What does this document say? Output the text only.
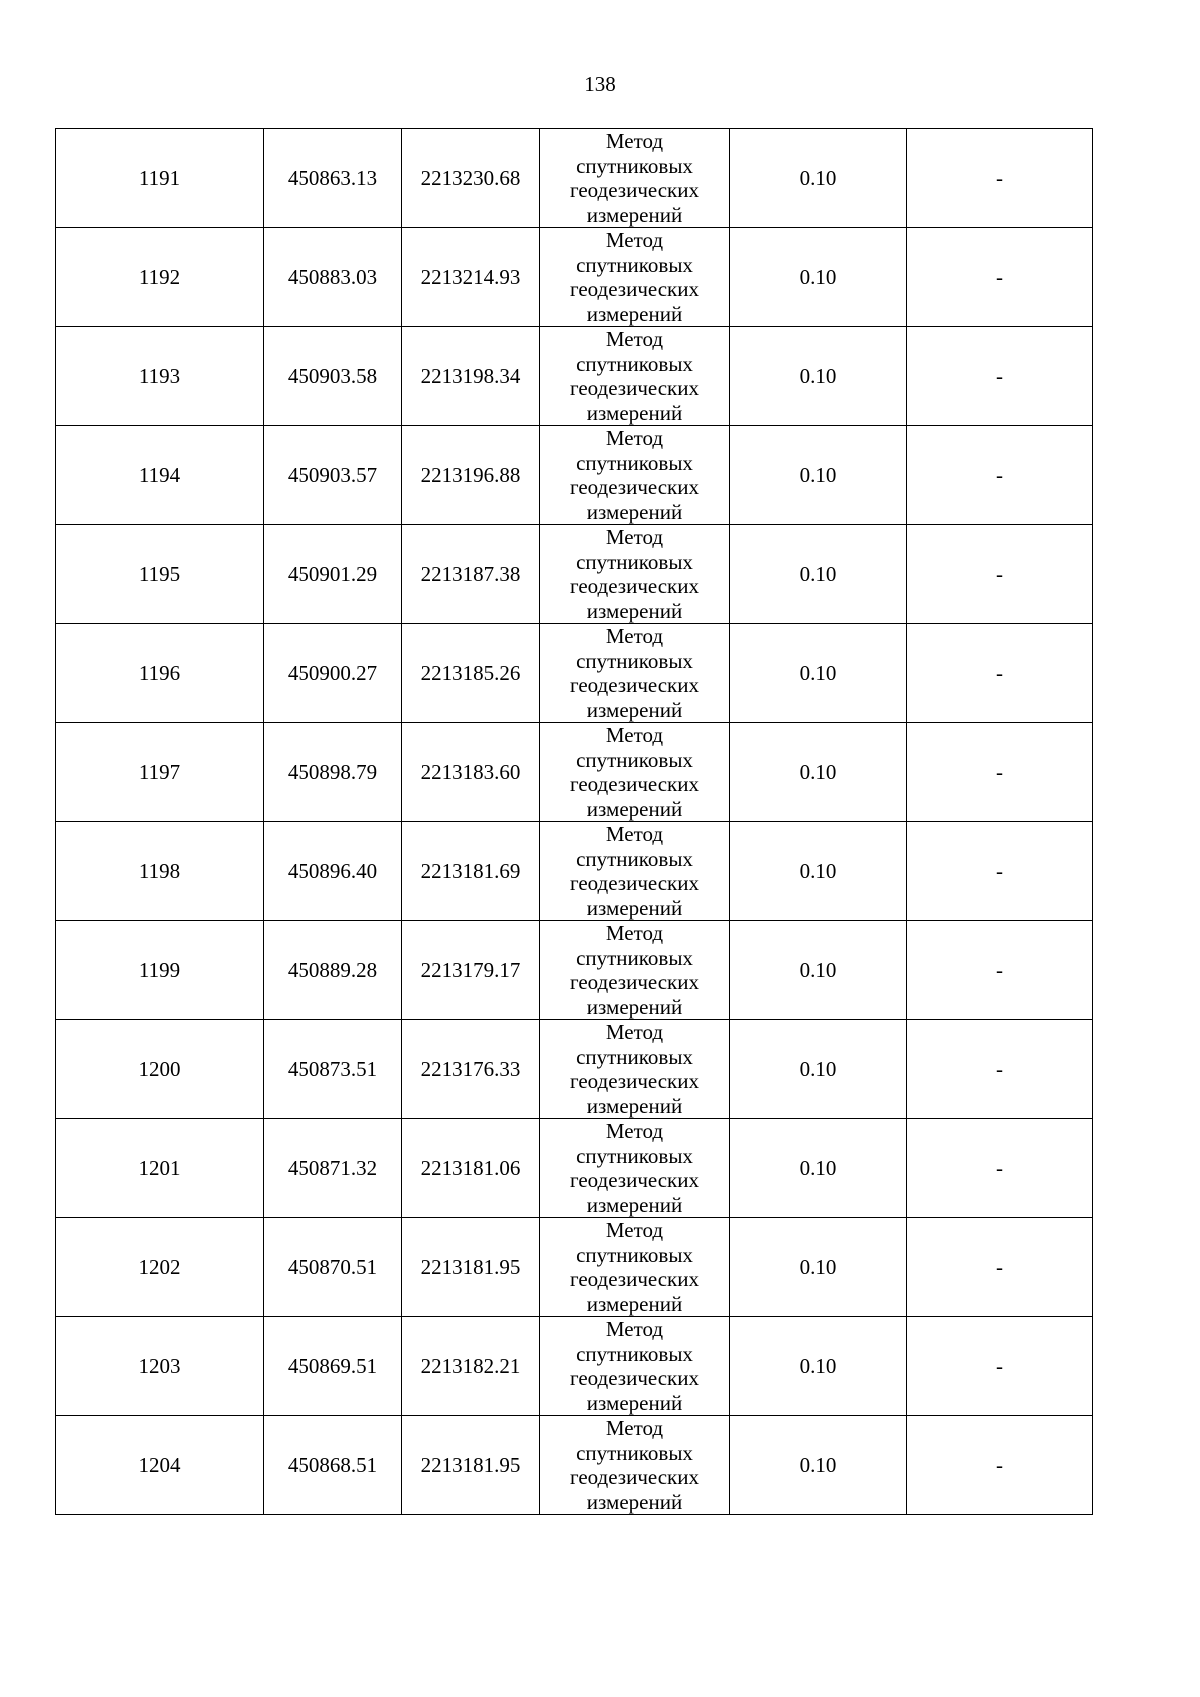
138
1191	450863.13	2213230.68	Метод
спутниковых
геодезических
измерений	0.10	-
1192	450883.03	2213214.93	Метод
спутниковых
геодезических
измерений	0.10	-
1193	450903.58	2213198.34	Метод
спутниковых
геодезических
измерений	0.10	-
1194	450903.57	2213196.88	Метод
спутниковых
геодезических
измерений	0.10	-
1195	450901.29	2213187.38	Метод
спутниковых
геодезических
измерений	0.10	-
1196	450900.27	2213185.26	Метод
спутниковых
геодезических
измерений	0.10	-
1197	450898.79	2213183.60	Метод
спутниковых
геодезических
измерений	0.10	-
1198	450896.40	2213181.69	Метод
спутниковых
геодезических
измерений	0.10	-
1199	450889.28	2213179.17	Метод
спутниковых
геодезических
измерений	0.10	-
1200	450873.51	2213176.33	Метод
спутниковых
геодезических
измерений	0.10	-
1201	450871.32	2213181.06	Метод
спутниковых
геодезических
измерений	0.10	-
1202	450870.51	2213181.95	Метод
спутниковых
геодезических
измерений	0.10	-
1203	450869.51	2213182.21	Метод
спутниковых
геодезических
измерений	0.10	-
1204	450868.51	2213181.95	Метод
спутниковых
геодезических
измерений	0.10	-
